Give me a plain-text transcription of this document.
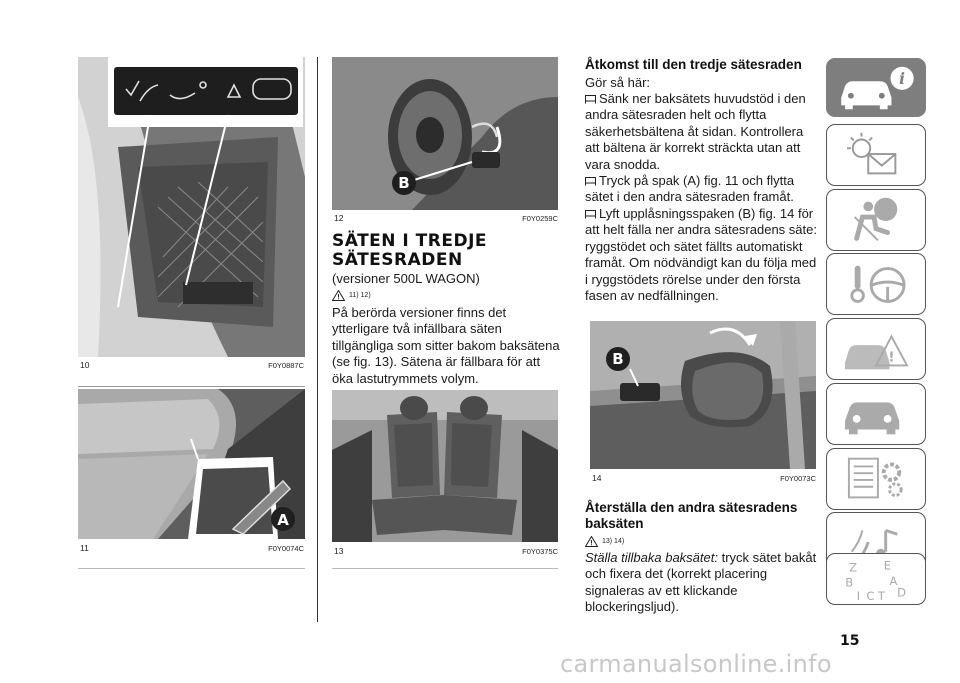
10	F0Y0887C
A
11	F0Y0074C
B
12	F0Y0259C
SÄTEN I TREDJE SÄTESRADEN

(versioner 500L WAGON)

11) 12)

På berörda versioner finns det ytterligare två infällbara säten tillgängliga som sitter bakom baksätena (se fig. 13). Sätena är fällbara för att öka lastutrymmets volym.

13	F0Y0375C
Åtkomst till den tredje sätesraden

Gör så här:

Sänk ner baksätets huvudstöd i den andra sätesraden helt och flytta säkerhetsbältena åt sidan. Kontrollera att bältena är korrekt sträckta utan att vara snodda.

Tryck på spak (A) fig. 11 och flytta sätet i den andra sätesraden framåt.

Lyft upplåsningsspaken (B) fig. 14 för att helt fälla ner andra sätesradens säte: ryggstödet och sätet fällts automatiskt framåt. Om nödvändigt kan du följa med i ryggstödets rörelse under den första fasen av nedfällningen.

B
14	F0Y0073C
Återställa den andra sätesradens baksäten
13) 14)

Ställa tillbaka baksätet: tryck sätet bakåt och fixera det (korrekt placering signaleras av ett klickande blockeringsljud).

i
!
Z E
B	A
I C T D
15
carmanualsonline.info
